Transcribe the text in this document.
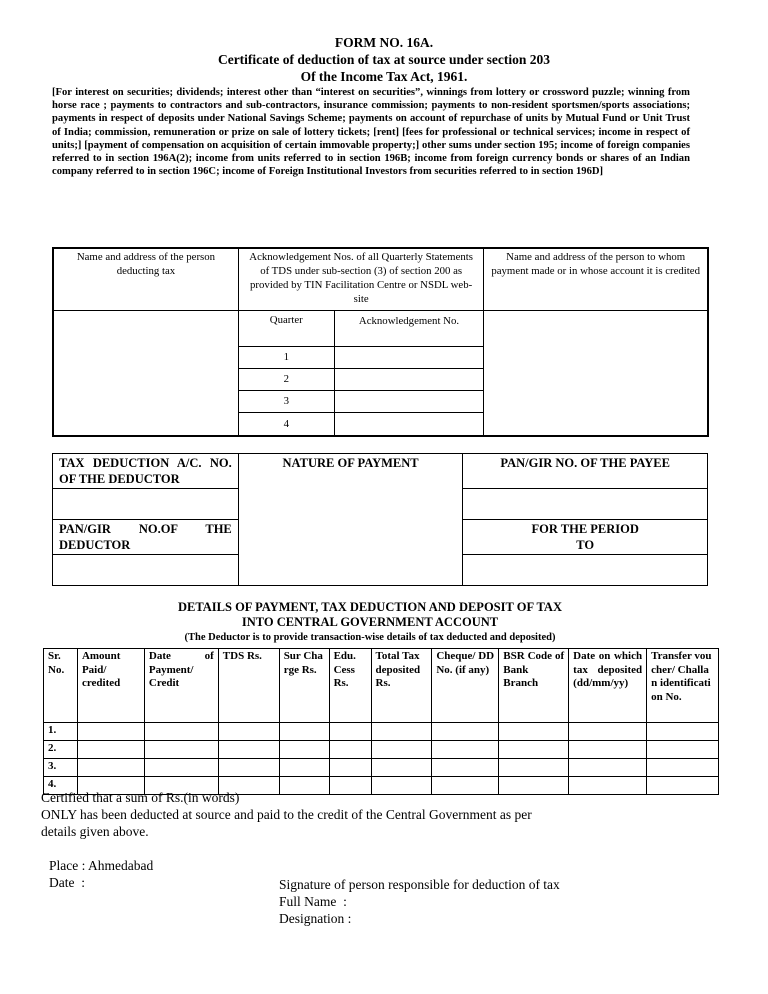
FORM NO. 16A.
Certificate of deduction of tax at source under section 203
Of the Income Tax Act, 1961.
[For interest on securities; dividends; interest other than “interest on securities”, winnings from lottery or crossword puzzle; winning from horse race ; payments to contractors and sub-contractors, insurance commission; payments to non-resident sportsmen/sports associations; payments in respect of deposits under National Savings Scheme; payments on account of repurchase of units by Mutual Fund or Unit Trust of India; commission, remuneration or prize on sale of lottery tickets; [rent] [fees for professional or technical services; income in respect of units;] [payment of compensation on acquisition of certain immovable property;] other sums under section 195; income of foreign companies referred to in section 196A(2); income from units referred to in section 196B; income from foreign currency bonds or shares of an Indian company referred to in section 196C; income of Foreign Institutional Investors from securities referred to in section 196D]
Name and address of the person deducting tax	Acknowledgement Nos. of all Quarterly Statements of TDS under sub-section (3) of section 200 as provided by TIN Facilitation Centre or NSDL web-site		Name and address of the person to whom payment made or in whose account it is credited
	Quarter	Acknowledgement No.	
	1		
	2		
	3		
	4		
TAX DEDUCTION A/C. NO. OF THE DEDUCTOR	NATURE OF PAYMENT	PAN/GIR NO. OF THE PAYEE

PAN/GIR NO.OF THE DEDUCTOR		FOR THE PERIOD
TO

DETAILS OF PAYMENT, TAX DEDUCTION AND DEPOSIT OF TAX
INTO CENTRAL GOVERNMENT ACCOUNT
(The Deductor is to provide transaction-wise details of tax deducted and deposited)
Sr. No.	Amount Paid/ credited	Date of Payment/ Credit	TDS Rs.	Sur Charge Rs.	Edu. Cess Rs.	Total Tax deposited Rs.	Cheque/ DD No. (if any)	BSR Code of Bank Branch	Date on which tax deposited (dd/mm/yy)	Transfer voucher/ Challan identification No.
1.										
2.										
3.										
4.										
Certified that a sum of Rs.(in words)
ONLY has been deducted at source and paid to the credit of the Central Government as per
details given above.
Place : Ahmedabad
Date  :	Signature of person responsible for deduction of tax
Full Name  :
Designation :
